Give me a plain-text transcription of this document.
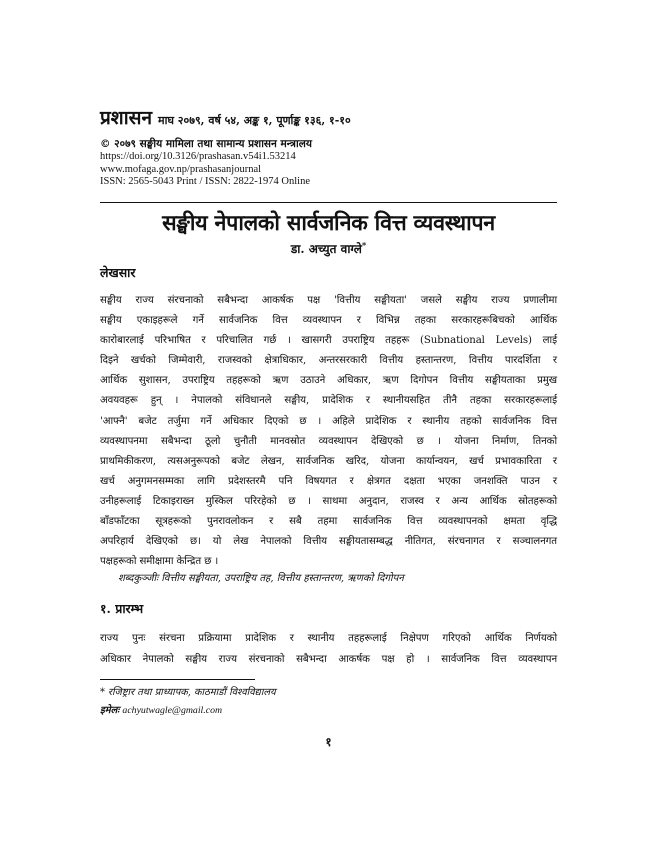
प्रशासन माघ २०७९, वर्ष ५४, अङ्क १, पूर्णाङ्क १३६, १-१०
© २०७९ सङ्घीय मामिला तथा सामान्य प्रशासन मन्त्रालय
https://doi.org/10.3126/prashasan.v54i1.53214
www.mofaga.gov.np/prashasanjournal
ISSN: 2565-5043 Print / ISSN: 2822-1974 Online
सङ्घीय नेपालको सार्वजनिक वित्त व्यवस्थापन
डा. अच्युत वाग्ले*
लेखसार
सङ्घीय राज्य संरचनाको सबैभन्दा आकर्षक पक्ष 'वित्तीय सङ्घीयता' जसले सङ्घीय राज्य प्रणालीमा
सङ्घीय एकाइहरूले गर्ने सार्वजनिक वित्त व्यवस्थापन र विभिन्न तहका सरकारहरूबिचको आर्थिक
कारोबारलाई परिभाषित र परिचालित गर्छ । खासगरी उपराष्ट्रिय तहहरू (Subnational Levels) लाई
दिइने खर्चको जिम्मेवारी, राजस्वको क्षेत्राधिकार, अन्तरसरकारी वित्तीय हस्तान्तरण, वित्तीय पारदर्शिता र
आर्थिक सुशासन, उपराष्ट्रिय तहहरूको ऋण उठाउने अधिकार, ऋण दिगोपन वित्तीय सङ्घीयताका प्रमुख
अवयवहरू हुन् । नेपालको संविधानले सङ्घीय, प्रादेशिक र स्थानीयसहित तीनै तहका सरकारहरूलाई
'आफ्नै' बजेट तर्जुमा गर्ने अधिकार दिएको छ । अहिले प्रादेशिक र स्थानीय तहको सार्वजनिक वित्त
व्यवस्थापनमा सबैभन्दा ठूलो चुनौती मानवस्रोत व्यवस्थापन देखिएको छ । योजना निर्माण, तिनको
प्राथमिकीकरण, त्यसअनुरूपको बजेट लेखन, सार्वजनिक खरिद, योजना कार्यान्वयन, खर्च प्रभावकारिता र
खर्च अनुगमनसम्मका लागि प्रदेशस्तरमै पनि विषयगत र क्षेत्रगत दक्षता भएका जनशक्ति पाउन र
उनीहरूलाई टिकाइराख्न मुस्किल परिरहेको छ । साथमा अनुदान, राजस्व र अन्य आर्थिक स्रोतहरूको
बाँडफाँटका सूत्रहरूको पुनरावलोकन र सबै तहमा सार्वजनिक वित्त व्यवस्थापनको क्षमता वृद्धि
अपरिहार्य देखिएको छ। यो लेख नेपालको वित्तीय सङ्घीयतासम्बद्ध नीतिगत, संरचनागत र सञ्चालनगत
पक्षहरूको समीक्षामा केन्द्रित छ ।
शब्दकुञ्जीः वित्तीय सङ्घीयता, उपराष्ट्रिय तह, वित्तीय हस्तान्तरण, ऋणको दिगोपन
१. प्रारम्भ
राज्य पुनः संरचना प्रक्रियामा प्रादेशिक र स्थानीय तहहरूलाई निक्षेपण गरिएको आर्थिक निर्णयको
अधिकार नेपालको सङ्घीय राज्य संरचनाको सबैभन्दा आकर्षक पक्ष हो । सार्वजनिक वित्त व्यवस्थापन
* रजिष्ट्रार तथा प्राध्यापक, काठमाडौं विश्वविद्यालय
इमेलः achyutwagle@gmail.com
१
